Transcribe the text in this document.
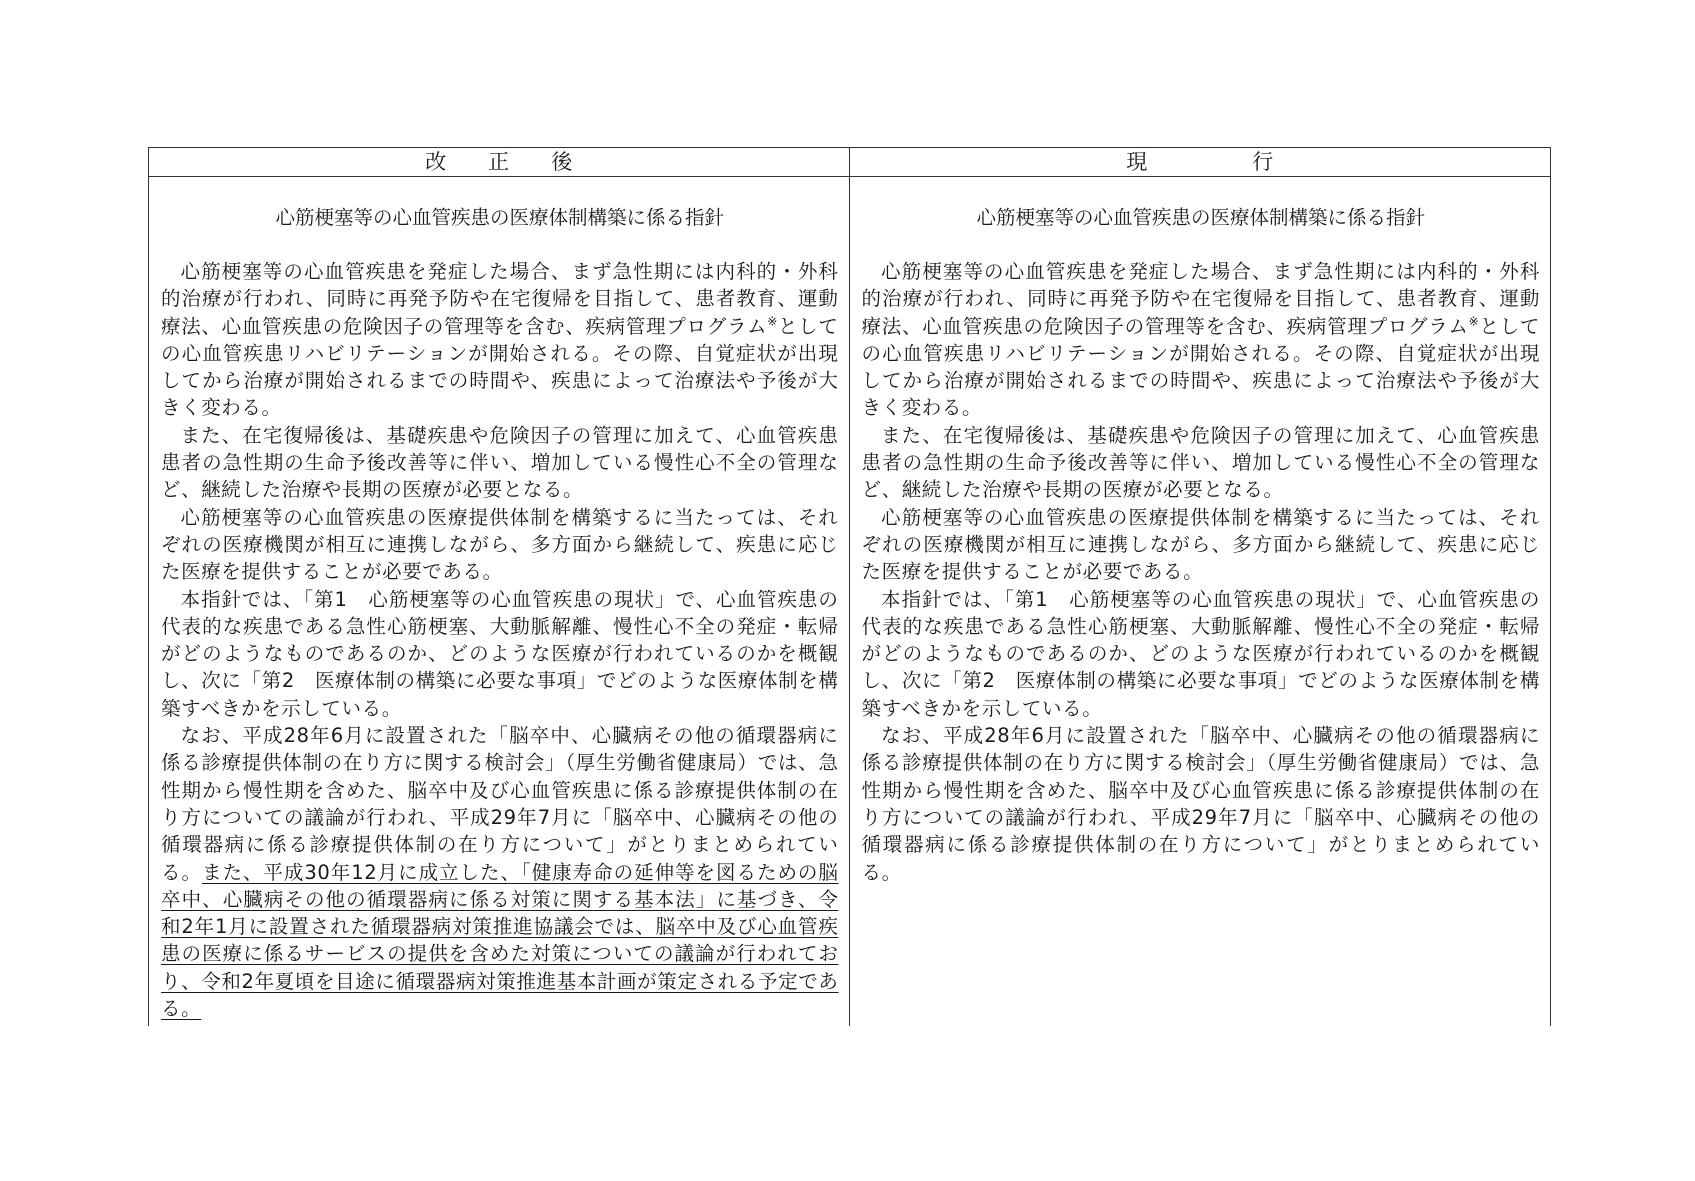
改　　正　　後

心筋梗塞等の心血管疾患の医療体制構築に係る指針

心筋梗塞等の心血管疾患を発症した場合、まず急性期には内科的・外科的治療が行われ、同時に再発予防や在宅復帰を目指して、患者教育、運動療法、心血管疾患の危険因子の管理等を含む、疾病管理プログラム※としての心血管疾患リハビリテーションが開始される。その際、自覚症状が出現してから治療が開始されるまでの時間や、疾患によって治療法や予後が大きく変わる。

また、在宅復帰後は、基礎疾患や危険因子の管理に加えて、心血管疾患患者の急性期の生命予後改善等に伴い、増加している慢性心不全の管理など、継続した治療や長期の医療が必要となる。

心筋梗塞等の心血管疾患の医療提供体制を構築するに当たっては、それぞれの医療機関が相互に連携しながら、多方面から継続して、疾患に応じた医療を提供することが必要である。

本指針では、「第1　心筋梗塞等の心血管疾患の現状」で、心血管疾患の代表的な疾患である急性心筋梗塞、大動脈解離、慢性心不全の発症・転帰がどのようなものであるのか、どのような医療が行われているのかを概観し、次に「第2　医療体制の構築に必要な事項」でどのような医療体制を構築すべきかを示している。

なお、平成28年6月に設置された「脳卒中、心臓病その他の循環器病に係る診療提供体制の在り方に関する検討会」（厚生労働省健康局）では、急性期から慢性期を含めた、脳卒中及び心血管疾患に係る診療提供体制の在り方についての議論が行われ、平成29年7月に「脳卒中、心臓病その他の循環器病に係る診療提供体制の在り方について」がとりまとめられている。また、平成30年12月に成立した、「健康寿命の延伸等を図るための脳卒中、心臓病その他の循環器病に係る対策に関する基本法」に基づき、令和2年1月に設置された循環器病対策推進協議会では、脳卒中及び心血管疾患の医療に係るサービスの提供を含めた対策についての議論が行われており、令和2年夏頃を目途に循環器病対策推進基本計画が策定される予定である。

現　　　　　行

心筋梗塞等の心血管疾患の医療体制構築に係る指針

心筋梗塞等の心血管疾患を発症した場合、まず急性期には内科的・外科的治療が行われ、同時に再発予防や在宅復帰を目指して、患者教育、運動療法、心血管疾患の危険因子の管理等を含む、疾病管理プログラム※としての心血管疾患リハビリテーションが開始される。その際、自覚症状が出現してから治療が開始されるまでの時間や、疾患によって治療法や予後が大きく変わる。

また、在宅復帰後は、基礎疾患や危険因子の管理に加えて、心血管疾患患者の急性期の生命予後改善等に伴い、増加している慢性心不全の管理など、継続した治療や長期の医療が必要となる。

心筋梗塞等の心血管疾患の医療提供体制を構築するに当たっては、それぞれの医療機関が相互に連携しながら、多方面から継続して、疾患に応じた医療を提供することが必要である。

本指針では、「第1　心筋梗塞等の心血管疾患の現状」で、心血管疾患の代表的な疾患である急性心筋梗塞、大動脈解離、慢性心不全の発症・転帰がどのようなものであるのか、どのような医療が行われているのかを概観し、次に「第2　医療体制の構築に必要な事項」でどのような医療体制を構築すべきかを示している。

なお、平成28年6月に設置された「脳卒中、心臓病その他の循環器病に係る診療提供体制の在り方に関する検討会」（厚生労働省健康局）では、急性期から慢性期を含めた、脳卒中及び心血管疾患に係る診療提供体制の在り方についての議論が行われ、平成29年7月に「脳卒中、心臓病その他の循環器病に係る診療提供体制の在り方について」がとりまとめられている。
